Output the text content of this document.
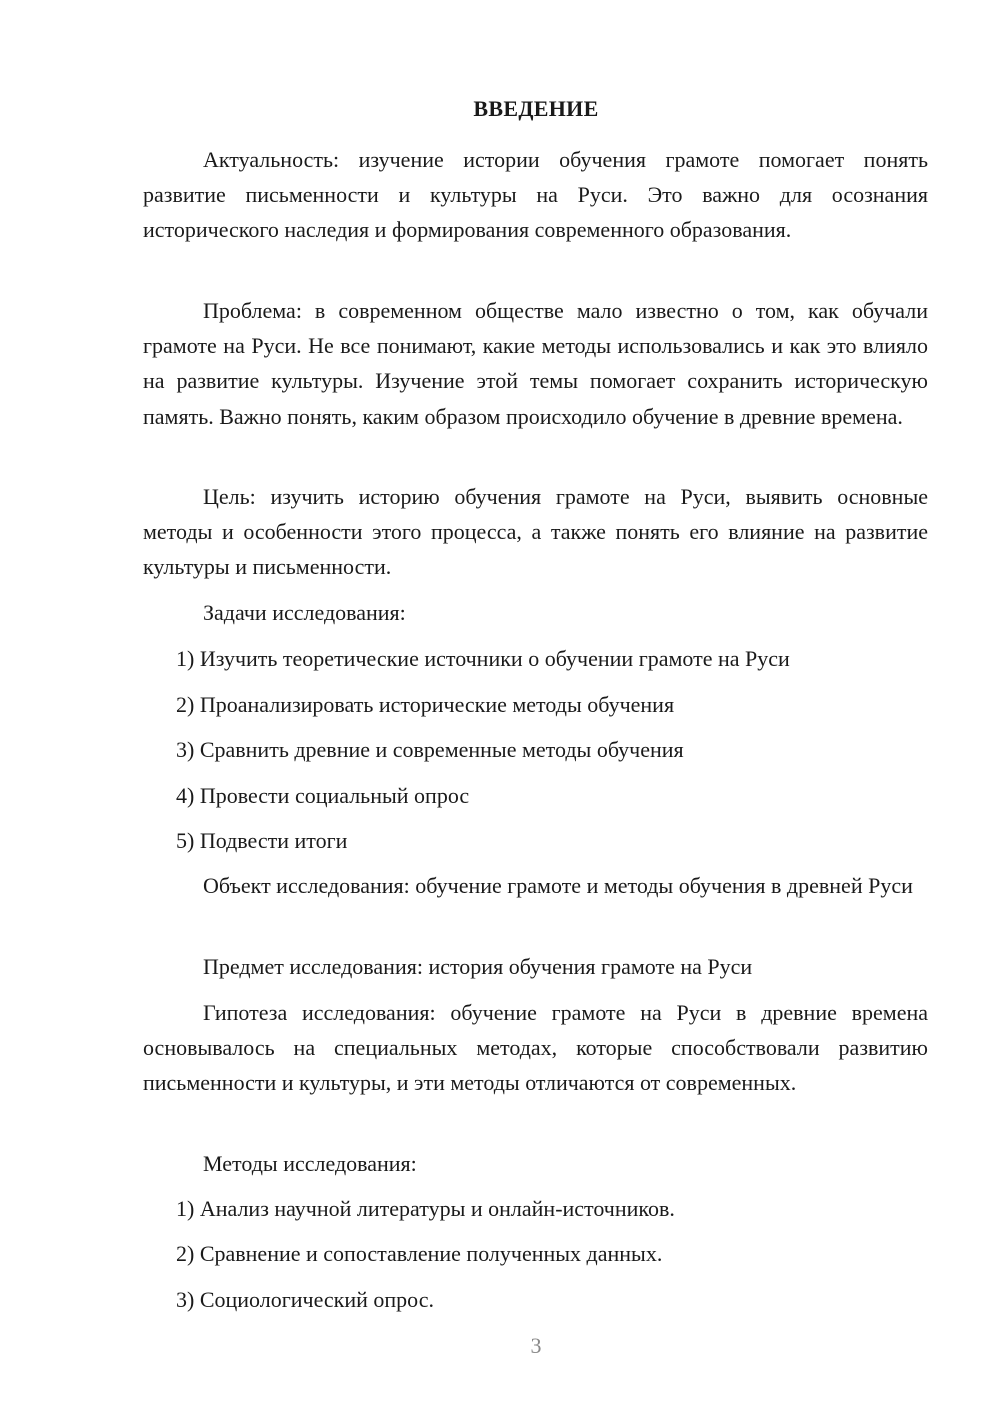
ВВЕДЕНИЕ
Актуальность: изучение истории обучения грамоте помогает понять развитие письменности и культуры на Руси. Это важно для осознания исторического наследия и формирования современного образования.
Проблема: в современном обществе мало известно о том, как обучали грамоте на Руси. Не все понимают, какие методы использовались и как это влияло на развитие культуры. Изучение этой темы помогает сохранить историческую память. Важно понять, каким образом происходило обучение в древние времена.
Цель: изучить историю обучения грамоте на Руси, выявить основные методы и особенности этого процесса, а также понять его влияние на развитие культуры и письменности.
Задачи исследования:
1) Изучить теоретические источники о обучении грамоте на Руси
2) Проанализировать исторические методы обучения
3) Сравнить древние и современные методы обучения
4) Провести социальный опрос
5) Подвести итоги
Объект исследования: обучение грамоте и методы обучения в древней Руси
Предмет исследования: история обучения грамоте на Руси
Гипотеза исследования: обучение грамоте на Руси в древние времена основывалось на специальных методах, которые способствовали развитию письменности и культуры, и эти методы отличаются от современных.
Методы исследования:
1) Анализ научной литературы и онлайн-источников.
2) Сравнение и сопоставление полученных данных.
3) Социологический опрос.
3
